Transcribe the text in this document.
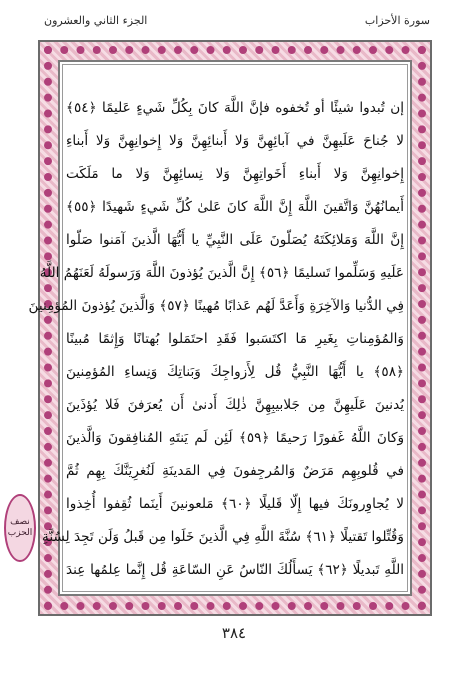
سورة الأحزاب
الجزء الثاني والعشرون
إن تُبدوا شيئًا أو تُخفوه فإنَّ اللَّهَ كانَ بِكُلِّ شَيءٍ عَليمًا ﴿٥٤﴾
لا جُناحَ عَلَيهِنَّ في آبائِهِنَّ وَلا أَبنائِهِنَّ وَلا إِخوانِهِنَّ وَلا أَبناءِ
إِخوانِهِنَّ وَلا أَبناءِ أَخَواتِهِنَّ وَلا نِسائِهِنَّ وَلا ما مَلَكَت
أَيمانُهُنَّ وَاتَّقينَ اللَّهَ إِنَّ اللَّهَ كانَ عَلىٰ كُلِّ شَيءٍ شَهيدًا ﴿٥٥﴾
إِنَّ اللَّهَ وَمَلائِكَتَهُ يُصَلّونَ عَلَى النَّبِيِّ يا أَيُّهَا الَّذينَ آمَنوا صَلّوا
عَلَيهِ وَسَلِّموا تَسليمًا ﴿٥٦﴾ إِنَّ الَّذينَ يُؤذونَ اللَّهَ وَرَسولَهُ لَعَنَهُمُ اللَّهُ
فِي الدُّنيا وَالآخِرَةِ وَأَعَدَّ لَهُم عَذابًا مُهينًا ﴿٥٧﴾ وَالَّذينَ يُؤذونَ المُؤمِنينَ
وَالمُؤمِناتِ بِغَيرِ مَا اكتَسَبوا فَقَدِ احتَمَلوا بُهتانًا وَإِثمًا مُبينًا
﴿٥٨﴾ يا أَيُّهَا النَّبِيُّ قُل لِأَزواجِكَ وَبَناتِكَ وَنِساءِ المُؤمِنينَ
يُدنينَ عَلَيهِنَّ مِن جَلابيبِهِنَّ ذٰلِكَ أَدنىٰ أَن يُعرَفنَ فَلا يُؤذَينَ
وَكانَ اللَّهُ غَفورًا رَحيمًا ﴿٥٩﴾ لَئِن لَم يَنتَهِ المُنافِقونَ وَالَّذينَ
في قُلوبِهِم مَرَضٌ وَالمُرجِفونَ فِي المَدينَةِ لَنُغرِيَنَّكَ بِهِم ثُمَّ
لا يُجاوِرونَكَ فيها إِلّا قَليلًا ﴿٦٠﴾ مَلعونينَ أَينَما ثُقِفوا أُخِذوا
وَقُتِّلوا تَقتيلًا ﴿٦١﴾ سُنَّةَ اللَّهِ فِي الَّذينَ خَلَوا مِن قَبلُ وَلَن تَجِدَ لِسُنَّةِ
اللَّهِ تَبديلًا ﴿٦٢﴾ يَسأَلُكَ النّاسُ عَنِ السّاعَةِ قُل إِنَّما عِلمُها عِندَ
نصف الحزب
٣٨٤
